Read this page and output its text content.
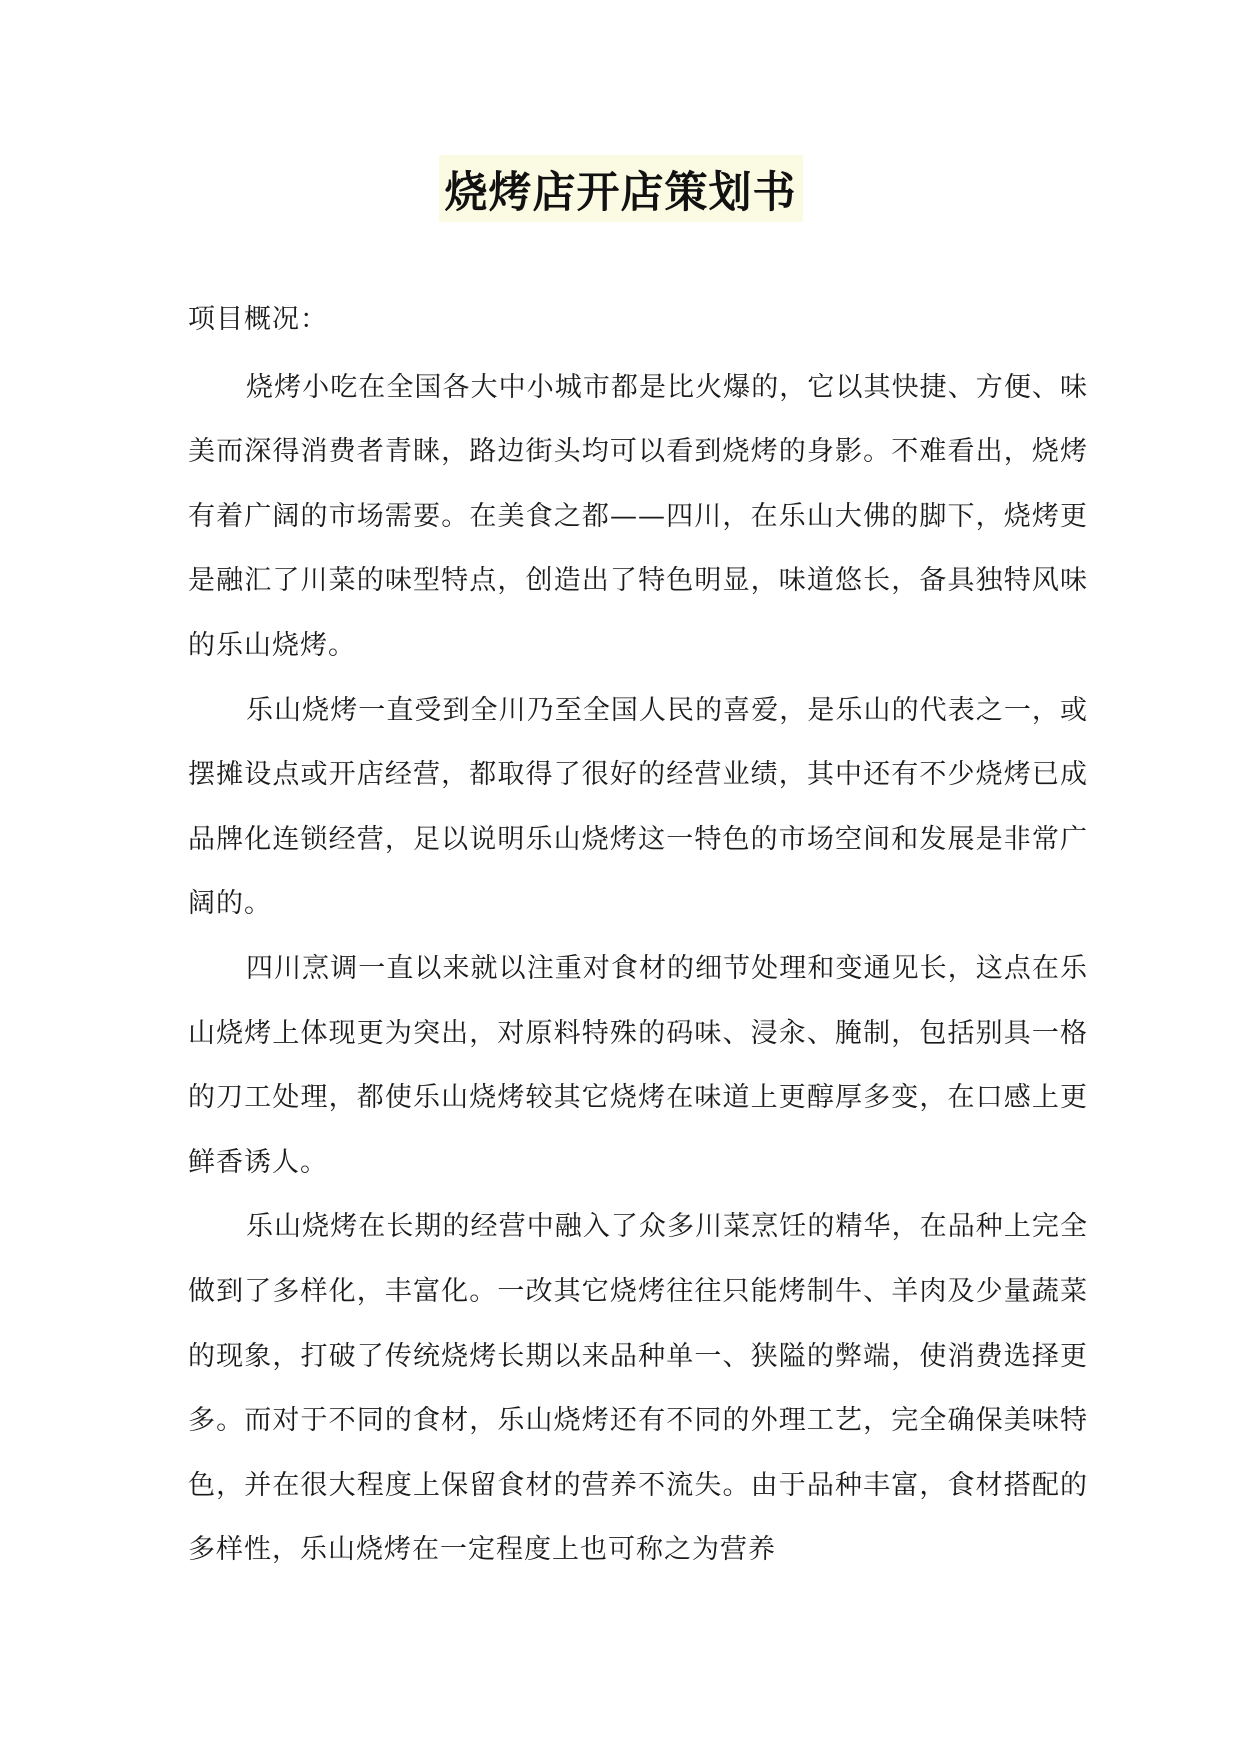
烧烤店开店策划书

项目概况：

烧烤小吃在全国各大中小城市都是比火爆的，它以其快捷、方便、味美而深得消费者青睐，路边街头均可以看到烧烤的身影。不难看出，烧烤有着广阔的市场需要。在美食之都——四川，在乐山大佛的脚下，烧烤更是融汇了川菜的味型特点，创造出了特色明显，味道悠长，备具独特风味的乐山烧烤。

乐山烧烤一直受到全川乃至全国人民的喜爱，是乐山的代表之一，或摆摊设点或开店经营，都取得了很好的经营业绩，其中还有不少烧烤已成品牌化连锁经营，足以说明乐山烧烤这一特色的市场空间和发展是非常广阔的。

四川烹调一直以来就以注重对食材的细节处理和变通见长，这点在乐山烧烤上体现更为突出，对原料特殊的码味、浸汆、腌制，包括别具一格的刀工处理，都使乐山烧烤较其它烧烤在味道上更醇厚多变，在口感上更鲜香诱人。

乐山烧烤在长期的经营中融入了众多川菜烹饪的精华，在品种上完全做到了多样化，丰富化。一改其它烧烤往往只能烤制牛、羊肉及少量蔬菜的现象，打破了传统烧烤长期以来品种单一、狭隘的弊端，使消费选择更多。而对于不同的食材，乐山烧烤还有不同的外理工艺，完全确保美味特色，并在很大程度上保留食材的营养不流失。由于品种丰富，食材搭配的多样性，乐山烧烤在一定程度上也可称之为营养
